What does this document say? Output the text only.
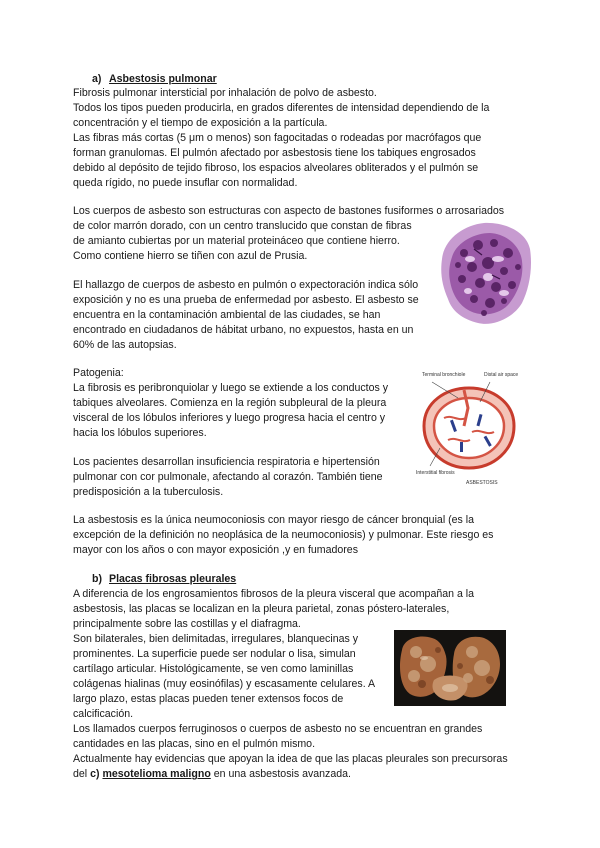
a) Asbestosis pulmonar
Fibrosis pulmonar intersticial por inhalación de polvo de asbesto.
Todos los tipos pueden producirla, en grados diferentes de intensidad dependiendo de la
concentración y el tiempo de exposición a la partícula.
Las fibras más cortas (5 μm o menos) son fagocitadas o rodeadas por macrófagos que
forman granulomas. El pulmón afectado por asbestosis tiene los tabiques engrosados
debido al depósito de tejido fibroso, los espacios alveolares obliterados y el pulmón se
queda rígido, no puede insuflar con normalidad.
Los cuerpos de asbesto son estructuras con aspecto de bastones fusiformes o arrosariados
de color marrón dorado, con un centro translucido que constan de fibras
de amianto cubiertas por un material proteináceo que contiene hierro.
Como contiene hierro se tiñen con azul de Prusia.
El hallazgo de cuerpos de asbesto en pulmón o expectoración indica sólo
exposición y no es una prueba de enfermedad por asbesto. El asbesto se
encuentra en la contaminación ambiental de las ciudades, se han
encontrado en ciudadanos de hábitat urbano, no expuestos, hasta en un
60% de las autopsias.
Patogenia:
La fibrosis es peribronquiolar y luego se extiende a los conductos y
tabiques alveolares. Comienza en la región subpleural de la pleura
visceral de los lóbulos inferiores y luego progresa hacia el centro y
hacia los lóbulos superiores.
Terminal bronchiole	Distal air space
Interstitial fibrosis
ASBESTOSIS
Los pacientes desarrollan insuficiencia respiratoria e hipertensión
pulmonar con cor pulmonale, afectando al corazón. También tiene
predisposición a la tuberculosis.
La asbestosis es la única neumoconiosis con mayor riesgo de cáncer bronquial (es la
excepción de la definición no neoplásica de la neumoconiosis) y pulmonar. Este riesgo es
mayor con los años o con mayor exposición ,y en fumadores
b) Placas fibrosas pleurales
A diferencia de los engrosamientos fibrosos de la pleura visceral que acompañan a la
asbestosis, las placas se localizan en la pleura parietal, zonas póstero-laterales,
principalmente sobre las costillas y el diafragma.
Son bilaterales, bien delimitadas, irregulares, blanquecinas y
prominentes. La superficie puede ser nodular o lisa, simulan
cartílago articular. Histológicamente, se ven como laminillas
colágenas hialinas (muy eosinófilas) y escasamente celulares. A
largo plazo, estas placas pueden tener extensos focos de
calcificación.
Los llamados cuerpos ferruginosos o cuerpos de asbesto no se encuentran en grandes
cantidades en las placas, sino en el pulmón mismo.
Actualmente hay evidencias que apoyan la idea de que las placas pleurales son precursoras
del c) mesotelioma maligno en una asbestosis avanzada.
